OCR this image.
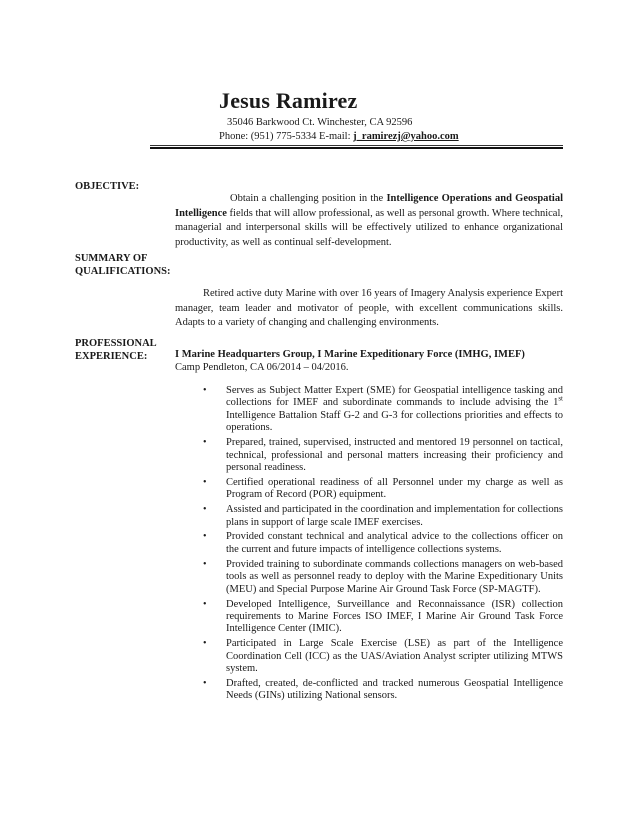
Jesus Ramirez
35046 Barkwood Ct. Winchester, CA 92596
Phone: (951) 775-5334 E-mail: j_ramirezj@yahoo.com
OBJECTIVE:

Obtain a challenging position in the Intelligence Operations and Geospatial Intelligence fields that will allow professional, as well as personal growth. Where technical, managerial and interpersonal skills will be effectively utilized to enhance organizational productivity, as well as continual self-development.

SUMMARY OF
QUALIFICATIONS:

Retired active duty Marine with over 16 years of Imagery Analysis experience Expert manager, team leader and motivator of people, with excellent communications skills. Adapts to a variety of changing and challenging environments.

PROFESSIONAL
EXPERIENCE:	I Marine Headquarters Group, I Marine Expeditionary Force (IMHG, IMEF)
Camp Pendleton, CA 06/2014 – 04/2016.
• Serves as Subject Matter Expert (SME) for Geospatial intelligence tasking and collections for IMEF and subordinate commands to include advising the 1st Intelligence Battalion Staff G-2 and G-3 for collections priorities and effects to operations.
• Prepared, trained, supervised, instructed and mentored 19 personnel on tactical, technical, professional and personal matters increasing their proficiency and personal readiness.
• Certified operational readiness of all Personnel under my charge as well as Program of Record (POR) equipment.
• Assisted and participated in the coordination and implementation for collections plans in support of large scale IMEF exercises.
• Provided constant technical and analytical advice to the collections officer on the current and future impacts of intelligence collections systems.
• Provided training to subordinate commands collections managers on web-based tools as well as personnel ready to deploy with the Marine Expeditionary Units (MEU) and Special Purpose Marine Air Ground Task Force (SP-MAGTF).
• Developed Intelligence, Surveillance and Reconnaissance (ISR) collection requirements to Marine Forces ISO IMEF, I Marine Air Ground Task Force Intelligence Center (IMIC).
• Participated in Large Scale Exercise (LSE) as part of the Intelligence Coordination Cell (ICC) as the UAS/Aviation Analyst scripter utilizing MTWS system.
• Drafted, created, de-conflicted and tracked numerous Geospatial Intelligence Needs (GINs) utilizing National sensors.
